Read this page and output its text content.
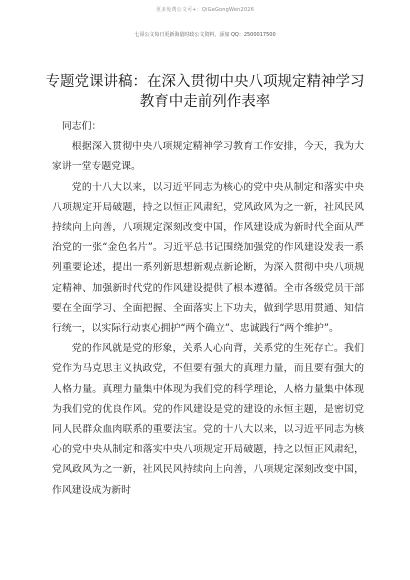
更多免费公文可+：QiGeGongWen2026
七哥公文每日更新海量时政公文资料，添加 QQ：2500017500
专题党课讲稿：在深入贯彻中央八项规定精神学习教育中走前列作表率

同志们：

根据深入贯彻中央八项规定精神学习教育工作安排，今天，我为大家讲一堂专题党课。

党的十八大以来，以习近平同志为核心的党中央从制定和落实中央八项规定开局破题，持之以恒正风肃纪，党风政风为之一新，社风民风持续向上向善，八项规定深刻改变中国，作风建设成为新时代全面从严治党的一张“金色名片”。习近平总书记围绕加强党的作风建设发表一系列重要论述，提出一系列新思想新观点新论断，为深入贯彻中央八项规定精神、加强新时代党的作风建设提供了根本遵循。全市各级党员干部要在全面学习、全面把握、全面落实上下功夫，做到学思用贯通、知信行统一，以实际行动衷心拥护“两个确立”、忠诚践行“两个维护”。

党的作风就是党的形象，关系人心向背，关系党的生死存亡。我们党作为马克思主义执政党，不但要有强大的真理力量，而且要有强大的人格力量。真理力量集中体现为我们党的科学理论，人格力量集中体现为我们党的优良作风。党的作风建设是党的建设的永恒主题，是密切党同人民群众血肉联系的重要法宝。党的十八大以来，以习近平同志为核心的党中央从制定和落实中央八项规定开局破题，持之以恒正风肃纪，党风政风为之一新，社风民风持续向上向善，八项规定深刻改变中国，作风建设成为新时
